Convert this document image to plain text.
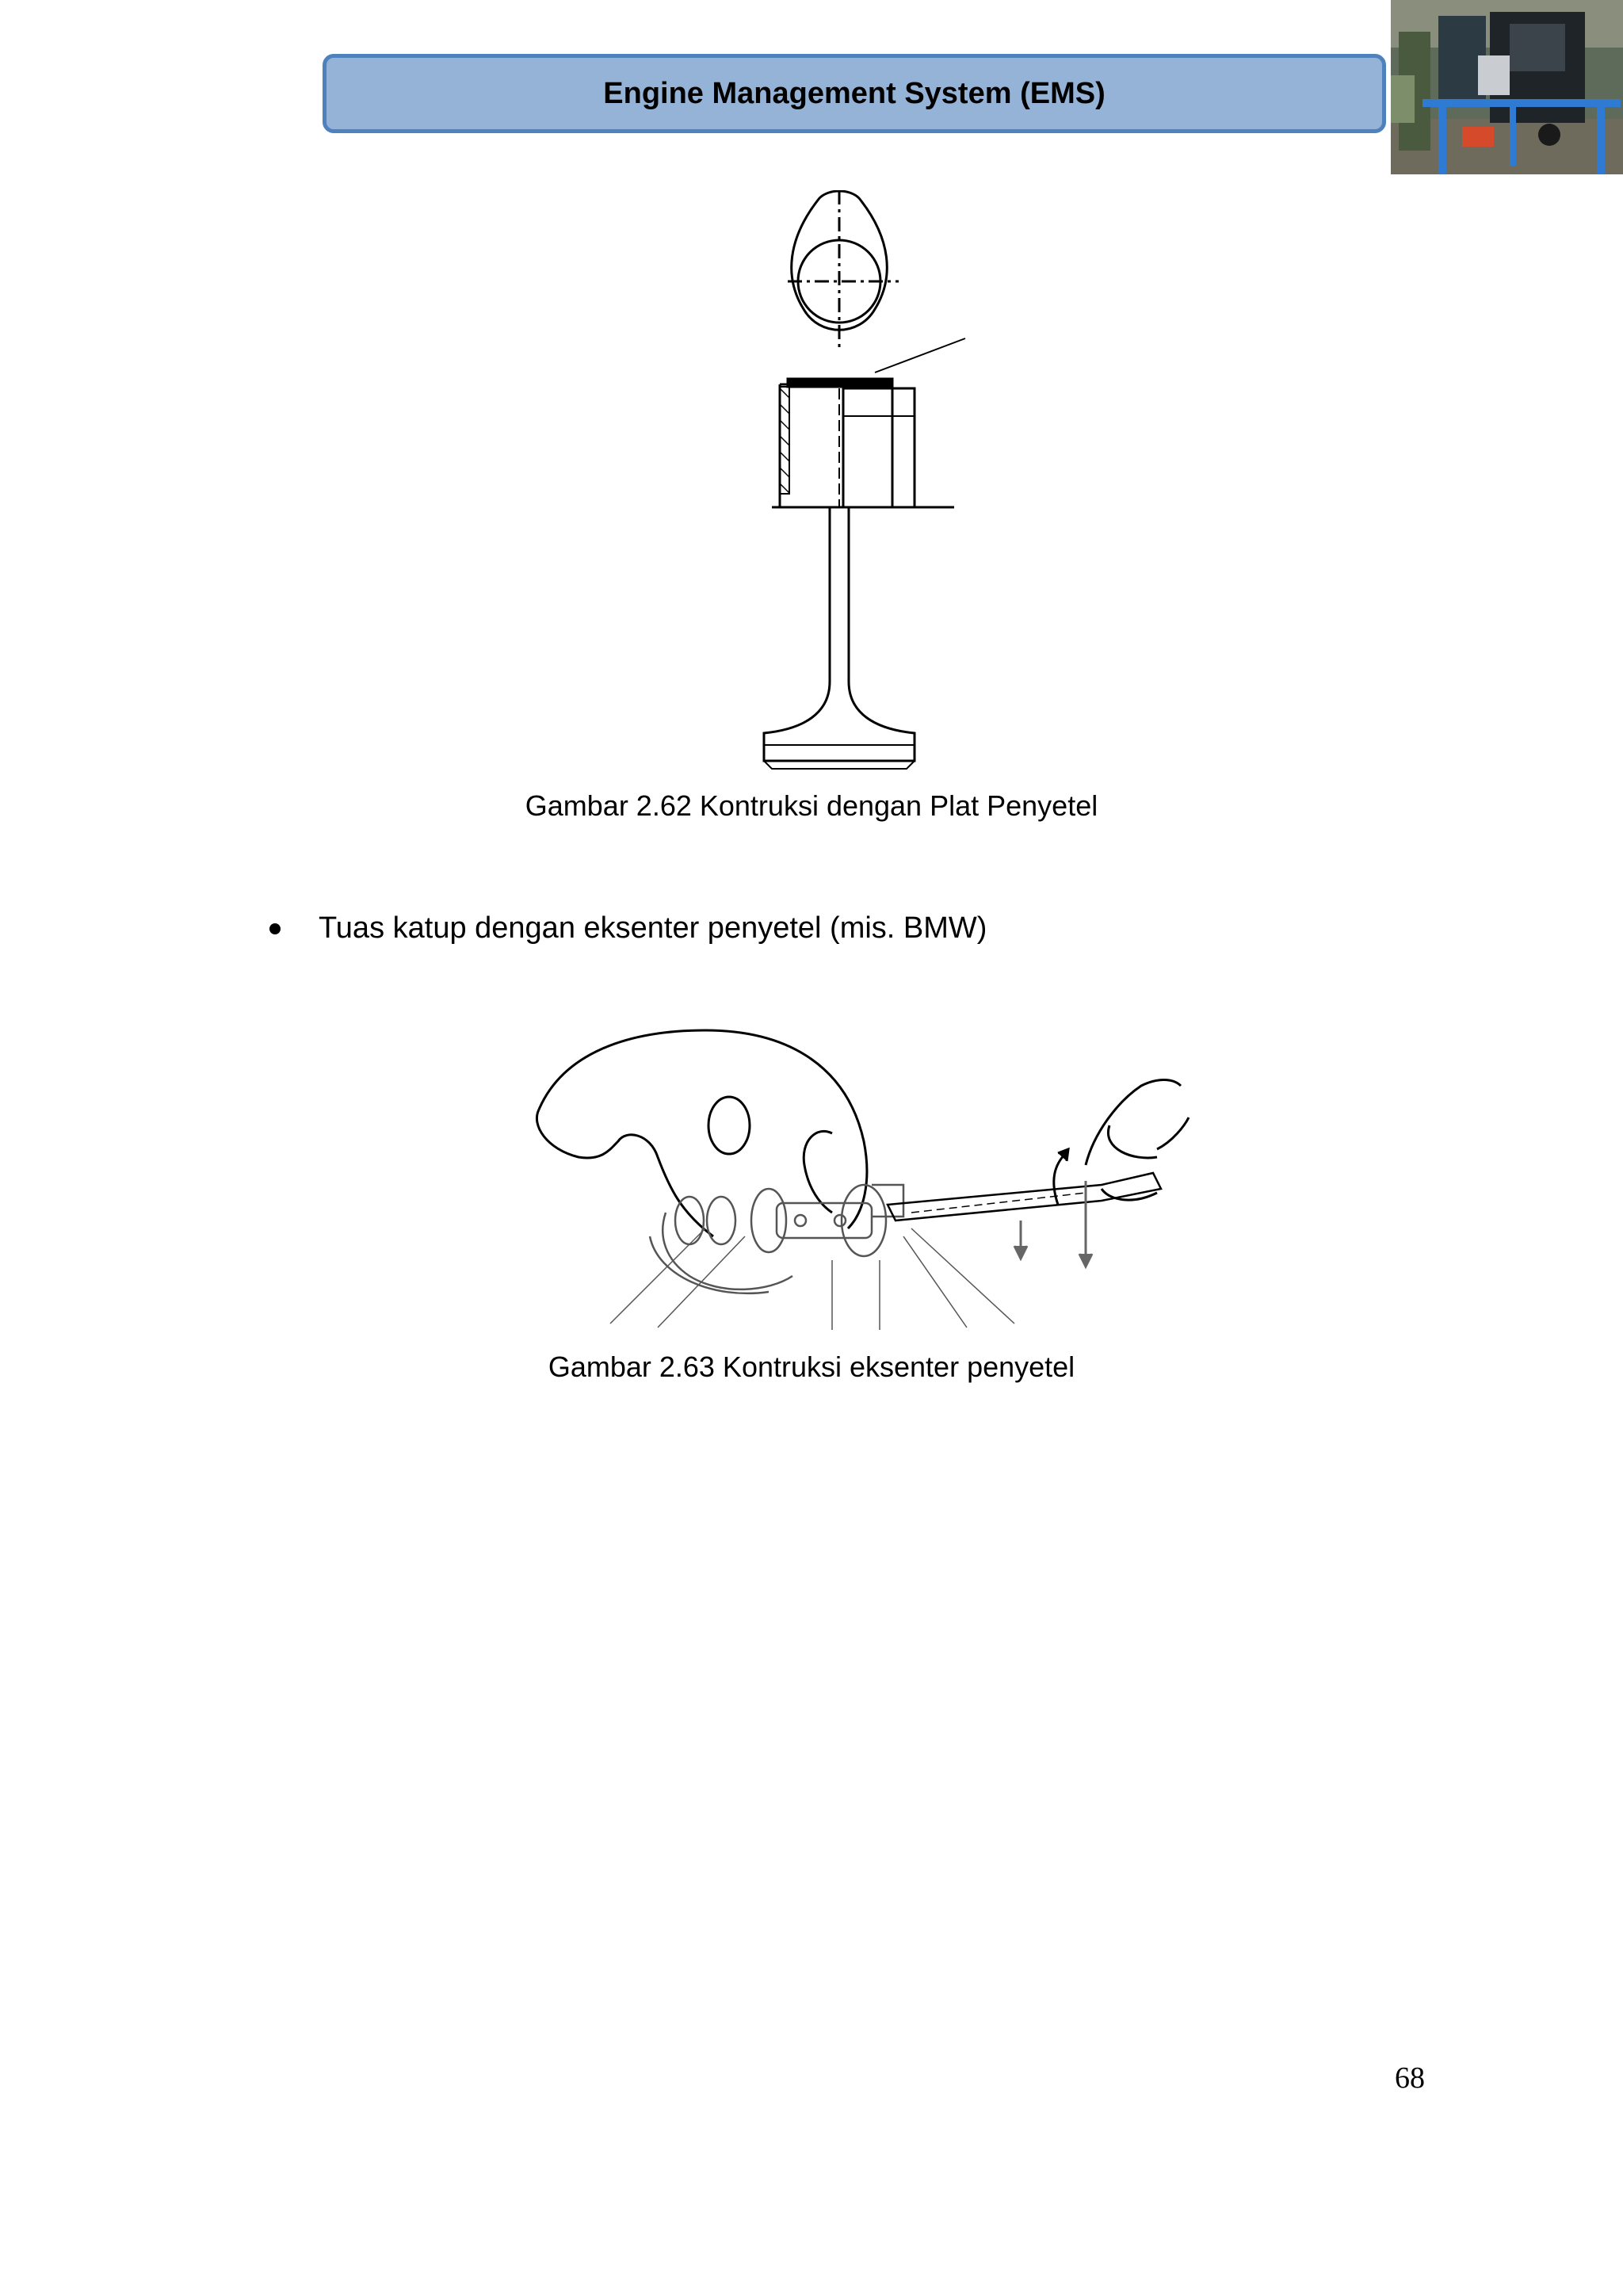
Engine Management System (EMS)
Gambar 2.62 Kontruksi dengan Plat Penyetel
Tuas katup dengan eksenter penyetel (mis. BMW)
Gambar 2.63 Kontruksi eksenter penyetel
68
